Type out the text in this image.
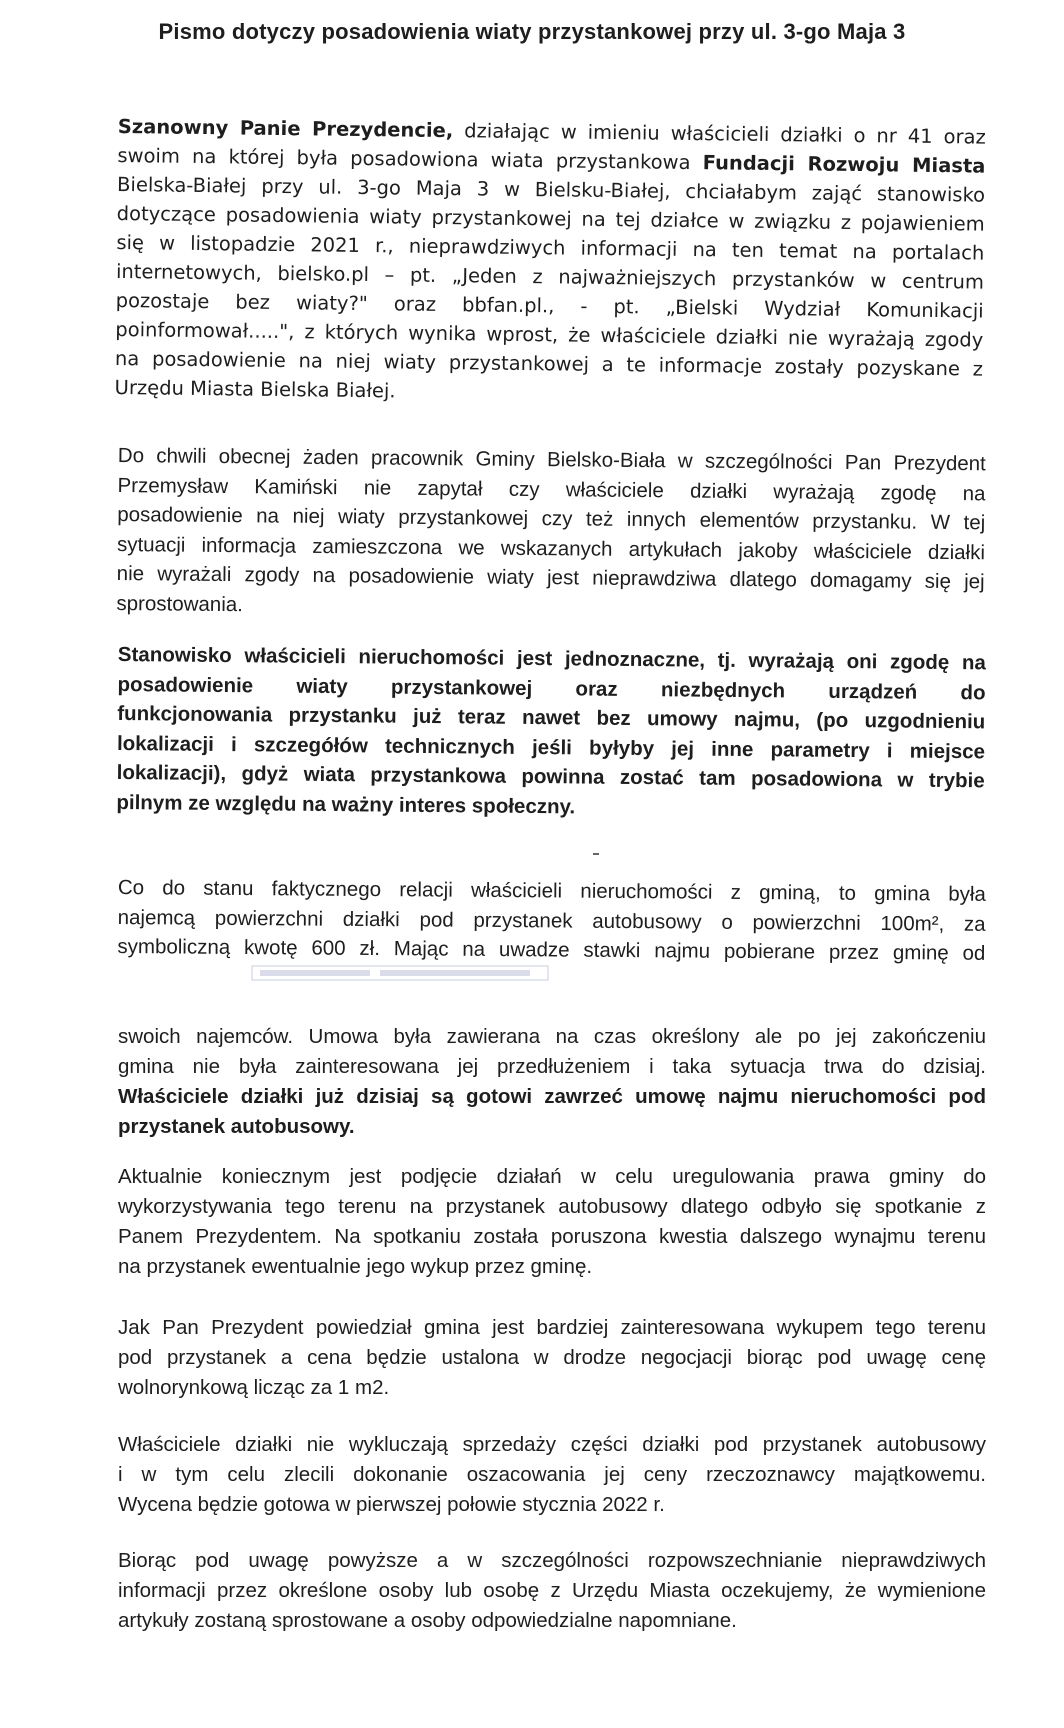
Pismo dotyczy posadowienia wiaty przystankowej przy ul. 3-go Maja 3
Szanowny Panie Prezydencie, działając w imieniu właścicieli działki o nr 41 oraz
swoim na której była posadowiona wiata przystankowa Fundacji Rozwoju Miasta
Bielska-Białej przy ul. 3-go Maja 3 w Bielsku-Białej, chciałabym zająć stanowisko
dotyczące posadowienia wiaty przystankowej na tej działce w związku z pojawieniem
się w listopadzie 2021 r., nieprawdziwych informacji na ten temat na portalach
internetowych, bielsko.pl – pt. „Jeden z najważniejszych przystanków w centrum
pozostaje bez wiaty?" oraz bbfan.pl., - pt. „Bielski Wydział Komunikacji
poinformował.....", z których wynika wprost, że właściciele działki nie wyrażają zgody
na posadowienie na niej wiaty przystankowej a te informacje zostały pozyskane z
Urzędu Miasta Bielska Białej.
Do chwili obecnej żaden pracownik Gminy Bielsko-Biała w szczególności Pan Prezydent
Przemysław Kamiński nie zapytał czy właściciele działki wyrażają zgodę na
posadowienie na niej wiaty przystankowej czy też innych elementów przystanku. W tej
sytuacji informacja zamieszczona we wskazanych artykułach jakoby właściciele działki
nie wyrażali zgody na posadowienie wiaty jest nieprawdziwa dlatego domagamy się jej
sprostowania.
Stanowisko właścicieli nieruchomości jest jednoznaczne, tj. wyrażają oni zgodę na
posadowienie wiaty przystankowej oraz niezbędnych urządzeń do
funkcjonowania przystanku już teraz nawet bez umowy najmu, (po uzgodnieniu
lokalizacji i szczegółów technicznych jeśli byłyby jej inne parametry i miejsce
lokalizacji), gdyż wiata przystankowa powinna zostać tam posadowiona w trybie
pilnym ze względu na ważny interes społeczny.
Co do stanu faktycznego relacji właścicieli nieruchomości z gminą, to gmina była
najemcą powierzchni działki pod przystanek autobusowy o powierzchni 100m², za
symboliczną kwotę 600 zł. Mając na uwadze stawki najmu pobierane przez gminę od
swoich najemców. Umowa była zawierana na czas określony ale po jej zakończeniu
gmina nie była zainteresowana jej przedłużeniem i taka sytuacja trwa do dzisiaj.
Właściciele działki już dzisiaj są gotowi zawrzeć umowę najmu nieruchomości pod
przystanek autobusowy.
Aktualnie koniecznym jest podjęcie działań w celu uregulowania prawa gminy do
wykorzystywania tego terenu na przystanek autobusowy dlatego odbyło się spotkanie z
Panem Prezydentem. Na spotkaniu została poruszona kwestia dalszego wynajmu terenu
na przystanek ewentualnie jego wykup przez gminę.
Jak Pan Prezydent powiedział gmina jest bardziej zainteresowana wykupem tego terenu
pod przystanek a cena będzie ustalona w drodze negocjacji biorąc pod uwagę cenę
wolnorynkową licząc za 1 m2.
Właściciele działki nie wykluczają sprzedaży części działki pod przystanek autobusowy
i w tym celu zlecili dokonanie oszacowania jej ceny rzeczoznawcy majątkowemu.
Wycena będzie gotowa w pierwszej połowie stycznia 2022 r.
Biorąc pod uwagę powyższe a w szczególności rozpowszechnianie nieprawdziwych
informacji przez określone osoby lub osobę z Urzędu Miasta oczekujemy, że wymienione
artykuły zostaną sprostowane a osoby odpowiedzialne napomniane.
